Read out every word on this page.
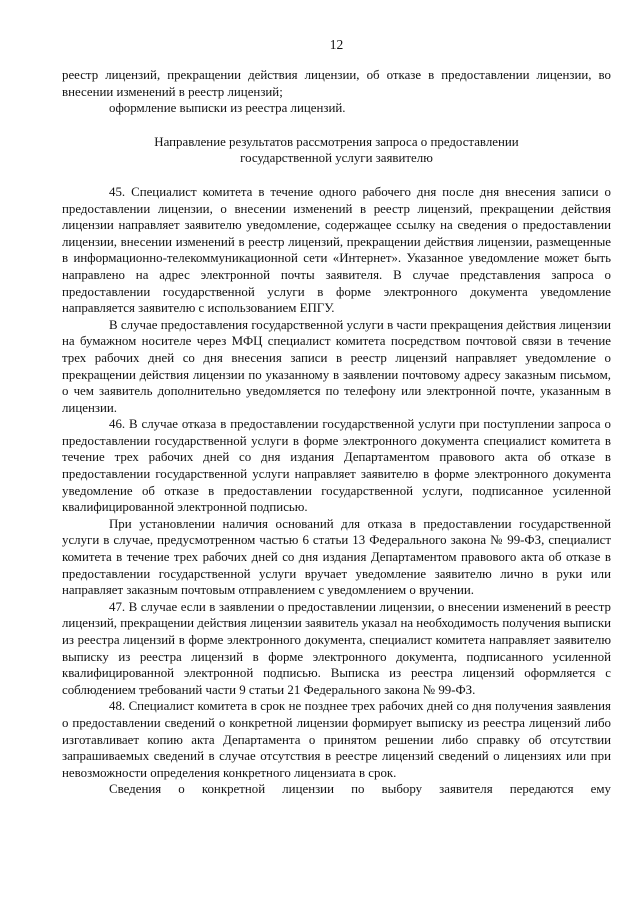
12

реестр лицензий, прекращении действия лицензии, об отказе в предоставлении лицензии, во внесении изменений в реестр лицензий;

оформление выписки из реестра лицензий.

Направление результатов рассмотрения запроса о предоставлении

государственной услуги заявителю

45. Специалист комитета в течение одного рабочего дня после дня внесения записи о предоставлении лицензии, о внесении изменений в реестр лицензий, прекращении действия лицензии направляет заявителю уведомление, содержащее ссылку на сведения о предоставлении лицензии, внесении изменений в реестр лицензий, прекращении действия лицензии, размещенные в информационно-телекоммуникационной сети «Интернет». Указанное уведомление может быть направлено на адрес электронной почты заявителя. В случае представления запроса о предоставлении государственной услуги в форме электронного документа уведомление направляется заявителю с использованием ЕПГУ.

В случае предоставления государственной услуги в части прекращения действия лицензии на бумажном носителе через МФЦ специалист комитета посредством почтовой связи в течение трех рабочих дней со дня внесения записи в реестр лицензий направляет уведомление о прекращении действия лицензии по указанному в заявлении почтовому адресу заказным письмом, о чем заявитель дополнительно уведомляется по телефону или электронной почте, указанным в лицензии.

46. В случае отказа в предоставлении государственной услуги при поступлении запроса о предоставлении государственной услуги в форме электронного документа специалист комитета в течение трех рабочих дней со дня издания Департаментом правового акта об отказе в предоставлении государственной услуги направляет заявителю в форме электронного документа уведомление об отказе в предоставлении государственной услуги, подписанное усиленной квалифицированной электронной подписью.

При установлении наличия оснований для отказа в предоставлении государственной услуги в случае, предусмотренном частью 6 статьи 13 Федерального закона № 99-ФЗ, специалист комитета в течение трех рабочих дней со дня издания Департаментом правового акта об отказе в предоставлении государственной услуги вручает уведомление заявителю лично в руки или направляет заказным почтовым отправлением с уведомлением о вручении.

47. В случае если в заявлении о предоставлении лицензии, о внесении изменений в реестр лицензий, прекращении действия лицензии заявитель указал на необходимость получения выписки из реестра лицензий в форме электронного документа, специалист комитета направляет заявителю выписку из реестра лицензий в форме электронного документа, подписанного усиленной квалифицированной электронной подписью. Выписка из реестра лицензий оформляется с соблюдением требований части 9 статьи 21 Федерального закона № 99-ФЗ.

48. Специалист комитета в срок не позднее трех рабочих дней со дня получения заявления о предоставлении сведений о конкретной лицензии формирует выписку из реестра лицензий либо изготавливает копию акта Департамента о принятом решении либо справку об отсутствии запрашиваемых сведений в случае отсутствия в реестре лицензий сведений о лицензиях или при невозможности определения конкретного лицензиата в срок.

Сведения о конкретной лицензии по выбору заявителя передаются ему
